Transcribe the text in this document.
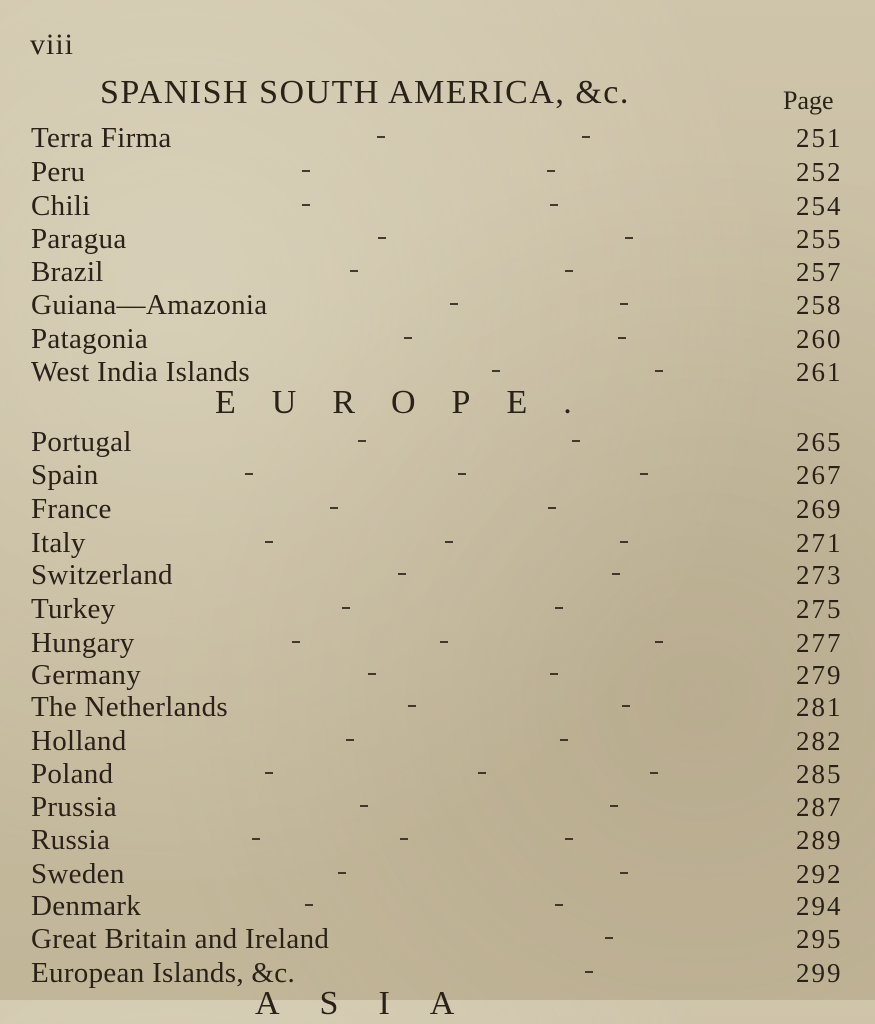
viii
SPANISH SOUTH AMERICA, &c.	Page
Terra Firma	251
Peru	252
Chili	254
Paragua	255
Brazil	257
Guiana—Amazonia	258
Patagonia	260
West India Islands	261
EUROPE.
Portugal	265
Spain	267
France	269
Italy	271
Switzerland	273
Turkey	275
Hungary	277
Germany	279
The Netherlands	281
Holland	282
Poland	285
Prussia	287
Russia	289
Sweden	292
Denmark	294
Great Britain and Ireland	295
European Islands, &c.	299
ASIA
